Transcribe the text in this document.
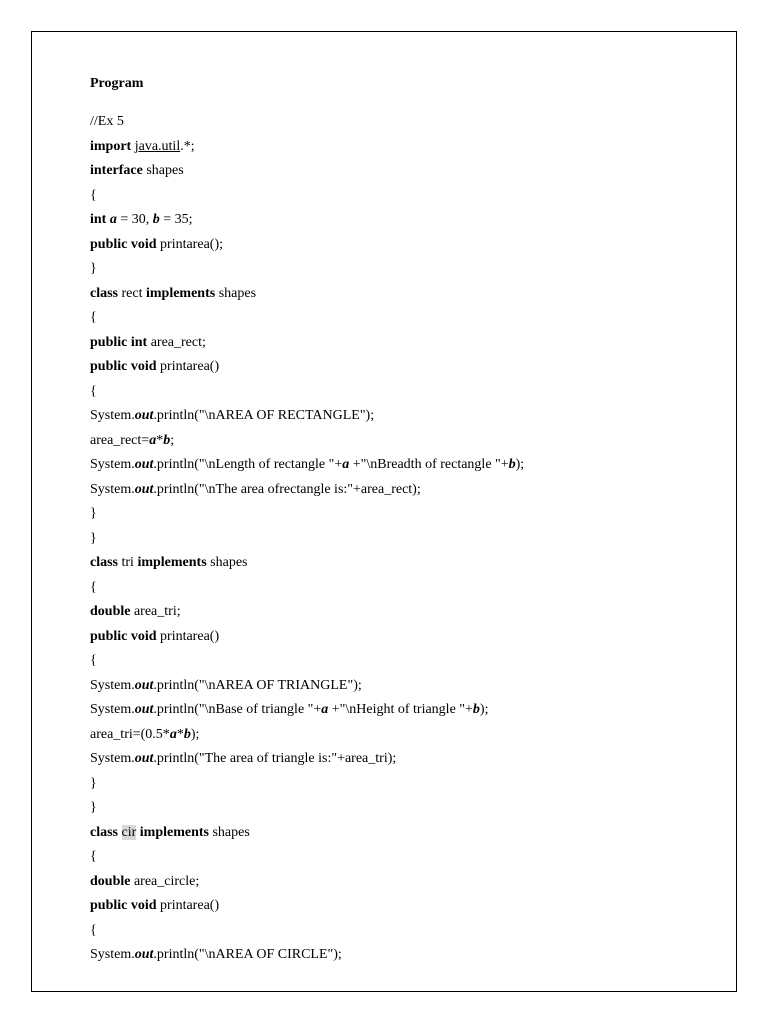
Program
//Ex 5
import java.util.*;
interface shapes
{
int a = 30, b = 35;
public void printarea();
}
class rect implements shapes
{
public int area_rect;
public void printarea()
{
System.out.println("\nAREA OF RECTANGLE");
area_rect=a*b;
System.out.println("\nLength of rectangle "+a +"\nBreadth of rectangle "+b);
System.out.println("\nThe area ofrectangle is:"+area_rect);
}
}
class tri implements shapes
{
double area_tri;
public void printarea()
{
System.out.println("\nAREA OF TRIANGLE");
System.out.println("\nBase of triangle "+a +"\nHeight of triangle "+b);
area_tri=(0.5*a*b);
System.out.println("The area of triangle is:"+area_tri);
}
}
class cir implements shapes
{
double area_circle;
public void printarea()
{
System.out.println("\nAREA OF CIRCLE");
